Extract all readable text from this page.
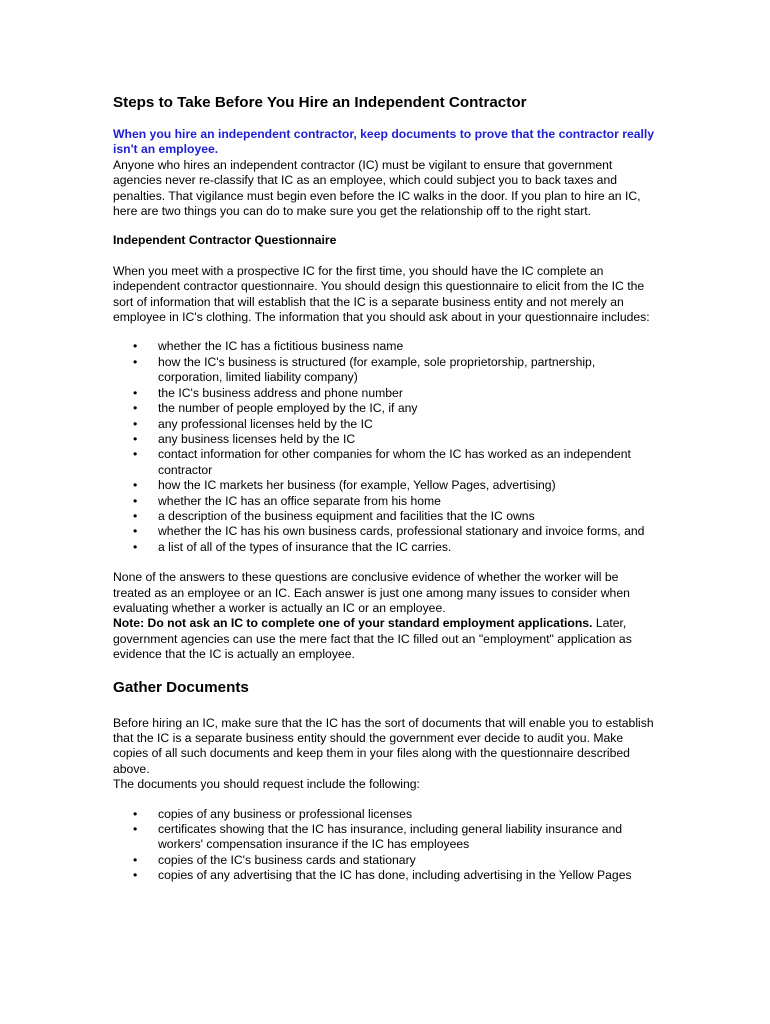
Steps to Take Before You Hire an Independent Contractor

When you hire an independent contractor, keep documents to prove that the contractor really isn't an employee.

Anyone who hires an independent contractor (IC) must be vigilant to ensure that government agencies never re-classify that IC as an employee, which could subject you to back taxes and penalties. That vigilance must begin even before the IC walks in the door. If you plan to hire an IC, here are two things you can do to make sure you get the relationship off to the right start.

Independent Contractor Questionnaire

When you meet with a prospective IC for the first time, you should have the IC complete an independent contractor questionnaire. You should design this questionnaire to elicit from the IC the sort of information that will establish that the IC is a separate business entity and not merely an employee in IC's clothing. The information that you should ask about in your questionnaire includes:

• whether the IC has a fictitious business name
• how the IC's business is structured (for example, sole proprietorship, partnership, corporation, limited liability company)
• the IC's business address and phone number
• the number of people employed by the IC, if any
• any professional licenses held by the IC
• any business licenses held by the IC
• contact information for other companies for whom the IC has worked as an independent contractor
• how the IC markets her business (for example, Yellow Pages, advertising)
• whether the IC has an office separate from his home
• a description of the business equipment and facilities that the IC owns
• whether the IC has his own business cards, professional stationary and invoice forms, and
• a list of all of the types of insurance that the IC carries.

None of the answers to these questions are conclusive evidence of whether the worker will be treated as an employee or an IC. Each answer is just one among many issues to consider when evaluating whether a worker is actually an IC or an employee.

Note: Do not ask an IC to complete one of your standard employment applications. Later, government agencies can use the mere fact that the IC filled out an "employment" application as evidence that the IC is actually an employee.

Gather Documents

Before hiring an IC, make sure that the IC has the sort of documents that will enable you to establish that the IC is a separate business entity should the government ever decide to audit you. Make copies of all such documents and keep them in your files along with the questionnaire described above.

The documents you should request include the following:

• copies of any business or professional licenses
• certificates showing that the IC has insurance, including general liability insurance and workers' compensation insurance if the IC has employees
• copies of the IC's business cards and stationary
• copies of any advertising that the IC has done, including advertising in the Yellow Pages
